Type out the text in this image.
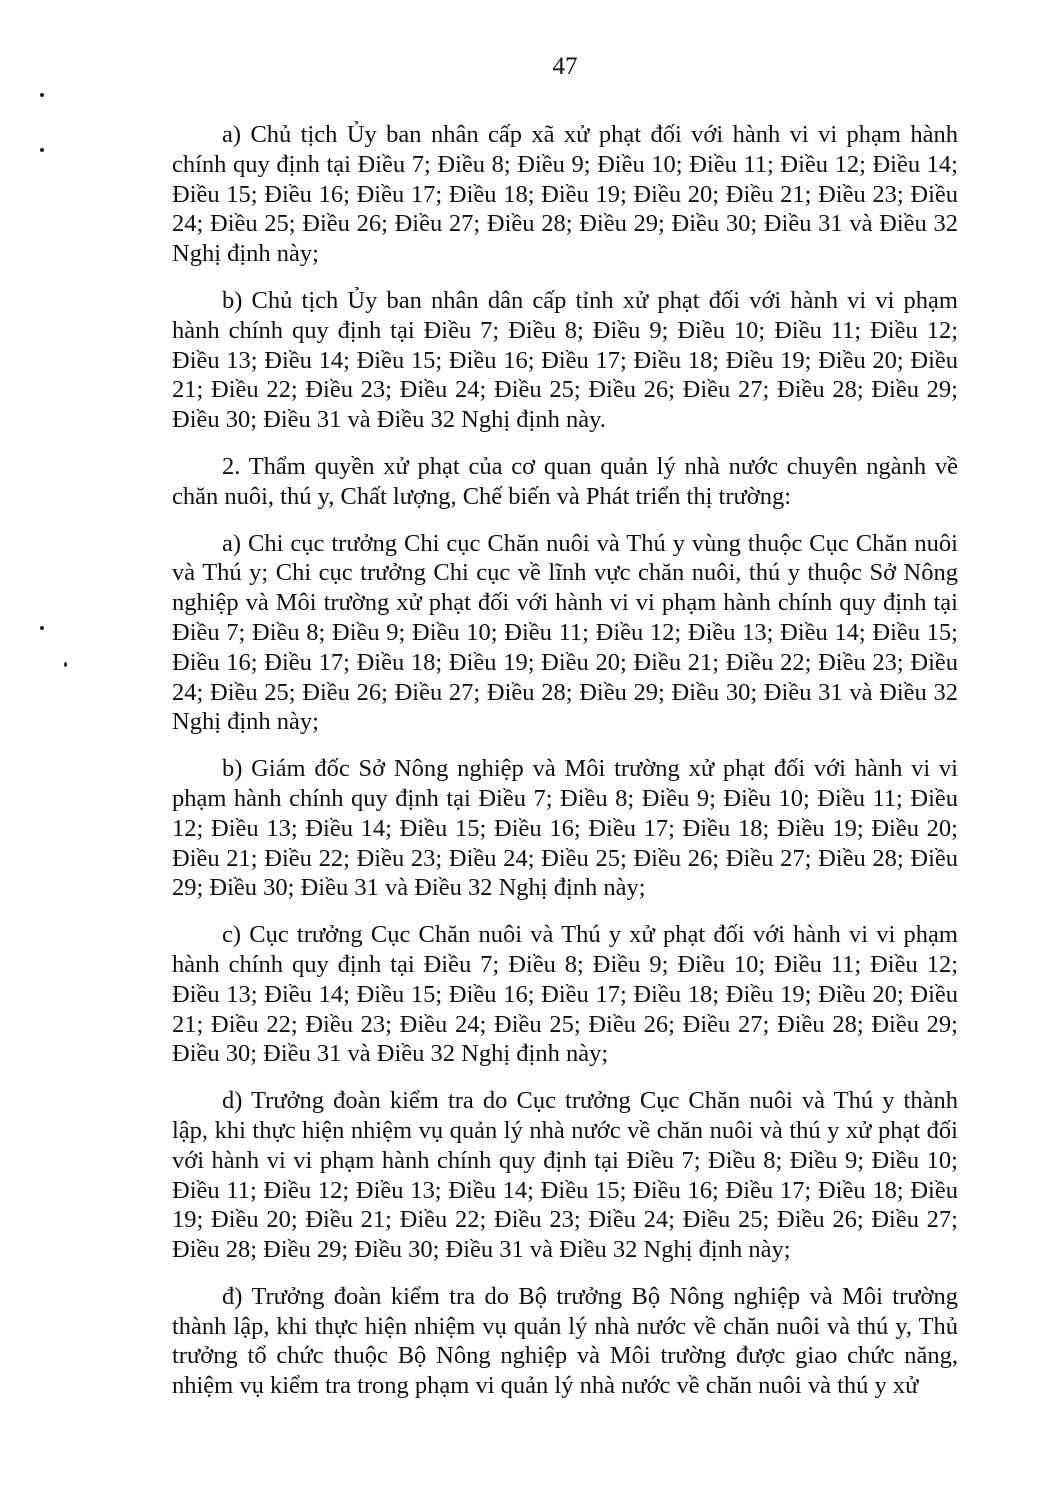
47

a) Chủ tịch Ủy ban nhân cấp xã xử phạt đối với hành vi vi phạm hành chính quy định tại Điều 7; Điều 8; Điều 9; Điều 10; Điều 11; Điều 12; Điều 14; Điều 15; Điều 16; Điều 17; Điều 18; Điều 19; Điều 20; Điều 21; Điều 23; Điều 24; Điều 25; Điều 26; Điều 27; Điều 28; Điều 29; Điều 30; Điều 31 và Điều 32 Nghị định này;

b) Chủ tịch Ủy ban nhân dân cấp tỉnh xử phạt đối với hành vi vi phạm hành chính quy định tại Điều 7; Điều 8; Điều 9; Điều 10; Điều 11; Điều 12; Điều 13; Điều 14; Điều 15; Điều 16; Điều 17; Điều 18; Điều 19; Điều 20; Điều 21; Điều 22; Điều 23; Điều 24; Điều 25; Điều 26; Điều 27; Điều 28; Điều 29; Điều 30; Điều 31 và Điều 32 Nghị định này.

2. Thẩm quyền xử phạt của cơ quan quản lý nhà nước chuyên ngành về chăn nuôi, thú y, Chất lượng, Chế biến và Phát triển thị trường:

a) Chi cục trưởng Chi cục Chăn nuôi và Thú y vùng thuộc Cục Chăn nuôi và Thú y; Chi cục trưởng Chi cục về lĩnh vực chăn nuôi, thú y thuộc Sở Nông nghiệp và Môi trường xử phạt đối với hành vi vi phạm hành chính quy định tại Điều 7; Điều 8; Điều 9; Điều 10; Điều 11; Điều 12; Điều 13; Điều 14; Điều 15; Điều 16; Điều 17; Điều 18; Điều 19; Điều 20; Điều 21; Điều 22; Điều 23; Điều 24; Điều 25; Điều 26; Điều 27; Điều 28; Điều 29; Điều 30; Điều 31 và Điều 32 Nghị định này;

b) Giám đốc Sở Nông nghiệp và Môi trường xử phạt đối với hành vi vi phạm hành chính quy định tại Điều 7; Điều 8; Điều 9; Điều 10; Điều 11; Điều 12; Điều 13; Điều 14; Điều 15; Điều 16; Điều 17; Điều 18; Điều 19; Điều 20; Điều 21; Điều 22; Điều 23; Điều 24; Điều 25; Điều 26; Điều 27; Điều 28; Điều 29; Điều 30; Điều 31 và Điều 32 Nghị định này;

c) Cục trưởng Cục Chăn nuôi và Thú y xử phạt đối với hành vi vi phạm hành chính quy định tại Điều 7; Điều 8; Điều 9; Điều 10; Điều 11; Điều 12; Điều 13; Điều 14; Điều 15; Điều 16; Điều 17; Điều 18; Điều 19; Điều 20; Điều 21; Điều 22; Điều 23; Điều 24; Điều 25; Điều 26; Điều 27; Điều 28; Điều 29; Điều 30; Điều 31 và Điều 32 Nghị định này;

d) Trưởng đoàn kiểm tra do Cục trưởng Cục Chăn nuôi và Thú y thành lập, khi thực hiện nhiệm vụ quản lý nhà nước về chăn nuôi và thú y xử phạt đối với hành vi vi phạm hành chính quy định tại Điều 7; Điều 8; Điều 9; Điều 10; Điều 11; Điều 12; Điều 13; Điều 14; Điều 15; Điều 16; Điều 17; Điều 18; Điều 19; Điều 20; Điều 21; Điều 22; Điều 23; Điều 24; Điều 25; Điều 26; Điều 27; Điều 28; Điều 29; Điều 30; Điều 31 và Điều 32 Nghị định này;

đ) Trưởng đoàn kiểm tra do Bộ trưởng Bộ Nông nghiệp và Môi trường thành lập, khi thực hiện nhiệm vụ quản lý nhà nước về chăn nuôi và thú y, Thủ trưởng tổ chức thuộc Bộ Nông nghiệp và Môi trường được giao chức năng, nhiệm vụ kiểm tra trong phạm vi quản lý nhà nước về chăn nuôi và thú y xử
